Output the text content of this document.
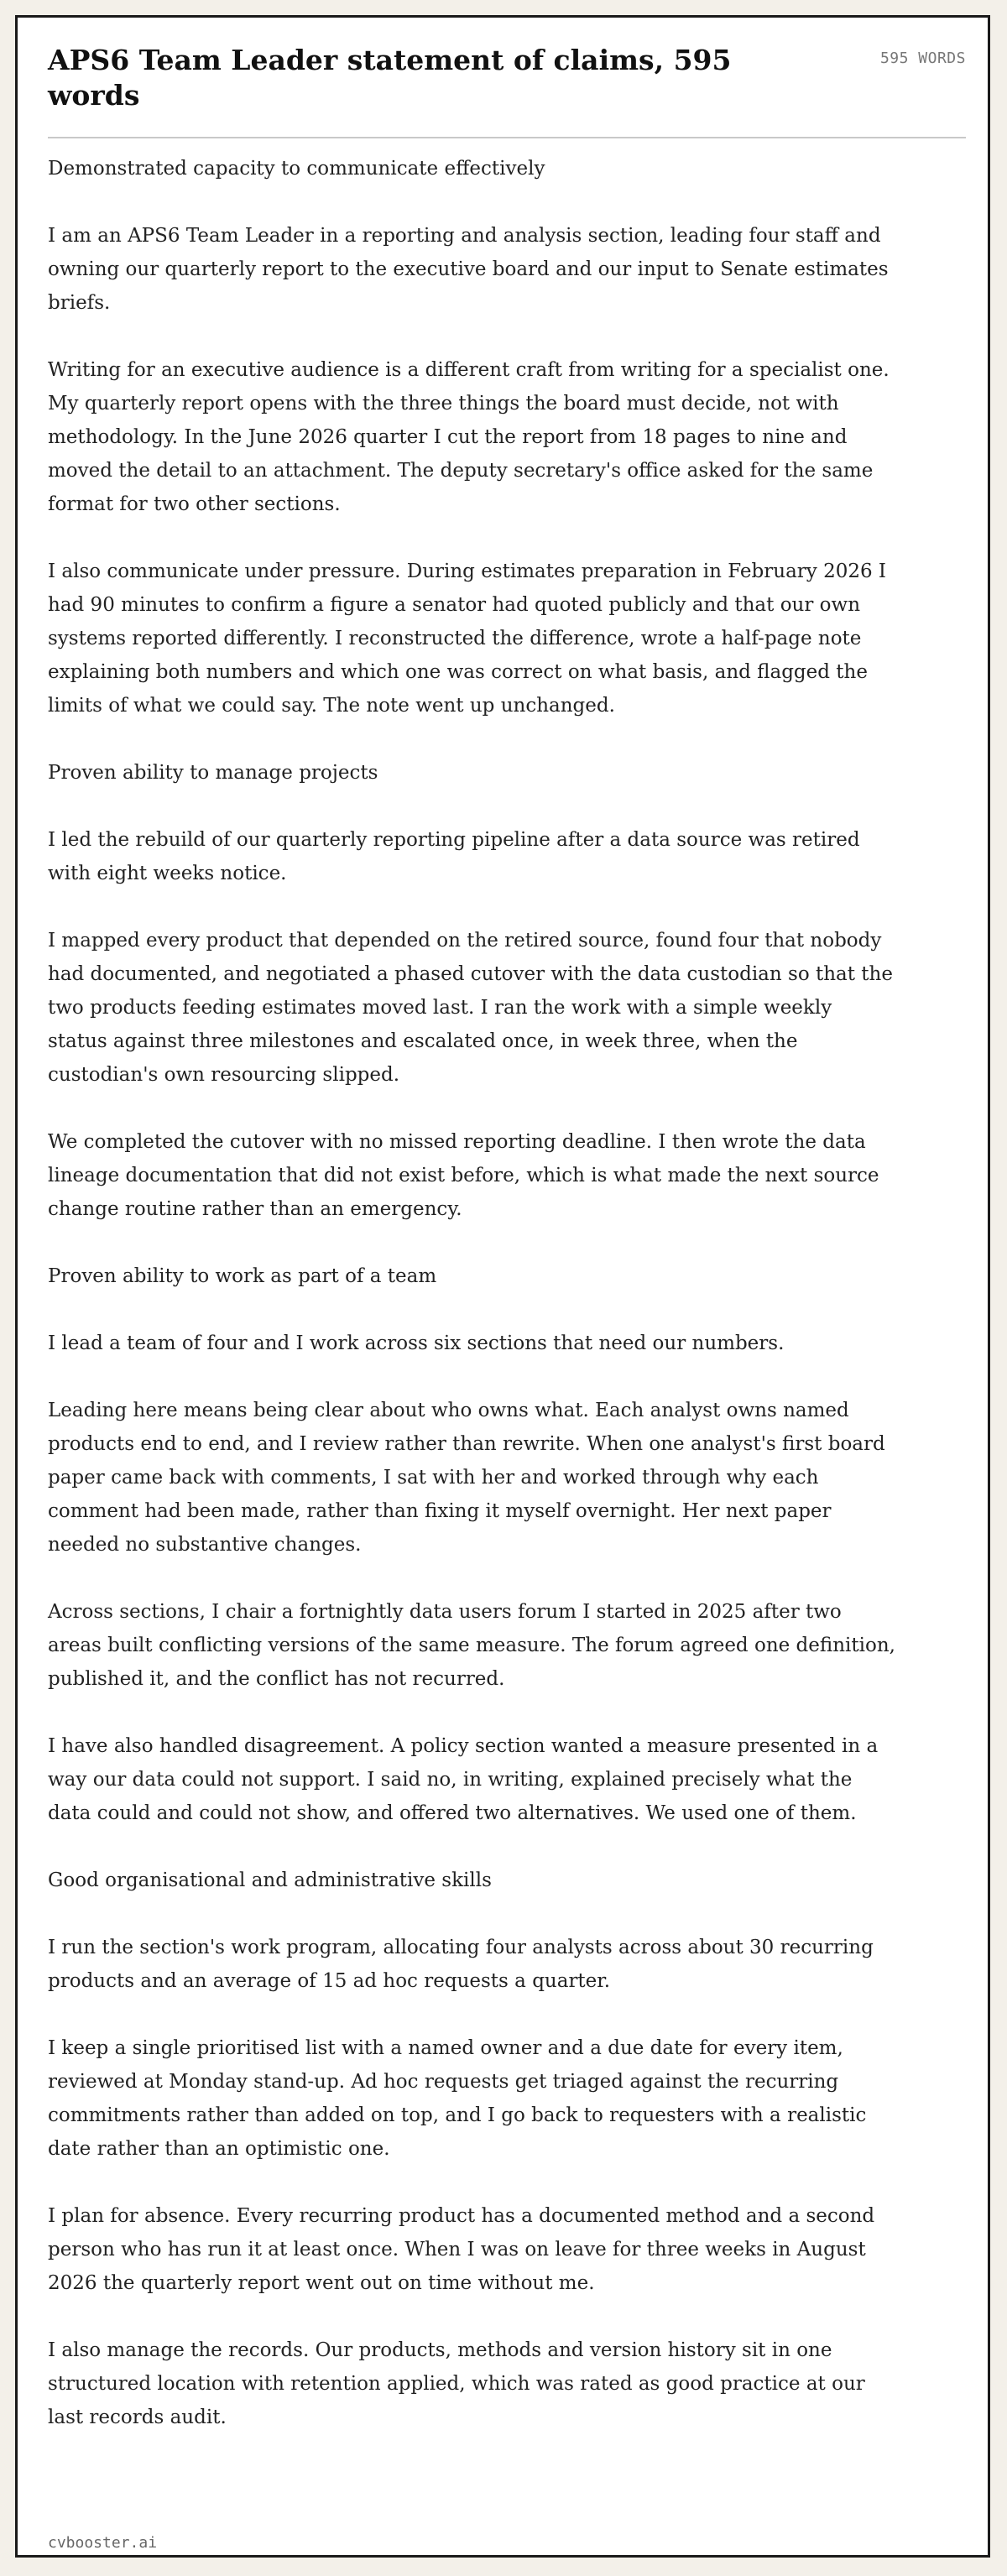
APS6 Team Leader statement of claims, 595 words
595 WORDS
Demonstrated capacity to communicate effectively

I am an APS6 Team Leader in a reporting and analysis section, leading four staff and owning our quarterly report to the executive board and our input to Senate estimates briefs.

Writing for an executive audience is a different craft from writing for a specialist one. My quarterly report opens with the three things the board must decide, not with methodology. In the June 2026 quarter I cut the report from 18 pages to nine and moved the detail to an attachment. The deputy secretary's office asked for the same format for two other sections.

I also communicate under pressure. During estimates preparation in February 2026 I had 90 minutes to confirm a figure a senator had quoted publicly and that our own systems reported differently. I reconstructed the difference, wrote a half-page note explaining both numbers and which one was correct on what basis, and flagged the limits of what we could say. The note went up unchanged.

Proven ability to manage projects

I led the rebuild of our quarterly reporting pipeline after a data source was retired with eight weeks notice.

I mapped every product that depended on the retired source, found four that nobody had documented, and negotiated a phased cutover with the data custodian so that the two products feeding estimates moved last. I ran the work with a simple weekly status against three milestones and escalated once, in week three, when the custodian's own resourcing slipped.

We completed the cutover with no missed reporting deadline. I then wrote the data lineage documentation that did not exist before, which is what made the next source change routine rather than an emergency.

Proven ability to work as part of a team

I lead a team of four and I work across six sections that need our numbers.

Leading here means being clear about who owns what. Each analyst owns named products end to end, and I review rather than rewrite. When one analyst's first board paper came back with comments, I sat with her and worked through why each comment had been made, rather than fixing it myself overnight. Her next paper needed no substantive changes.

Across sections, I chair a fortnightly data users forum I started in 2025 after two areas built conflicting versions of the same measure. The forum agreed one definition, published it, and the conflict has not recurred.

I have also handled disagreement. A policy section wanted a measure presented in a way our data could not support. I said no, in writing, explained precisely what the data could and could not show, and offered two alternatives. We used one of them.

Good organisational and administrative skills

I run the section's work program, allocating four analysts across about 30 recurring products and an average of 15 ad hoc requests a quarter.

I keep a single prioritised list with a named owner and a due date for every item, reviewed at Monday stand-up. Ad hoc requests get triaged against the recurring commitments rather than added on top, and I go back to requesters with a realistic date rather than an optimistic one.

I plan for absence. Every recurring product has a documented method and a second person who has run it at least once. When I was on leave for three weeks in August 2026 the quarterly report went out on time without me.

I also manage the records. Our products, methods and version history sit in one structured location with retention applied, which was rated as good practice at our last records audit.

cvbooster.ai
